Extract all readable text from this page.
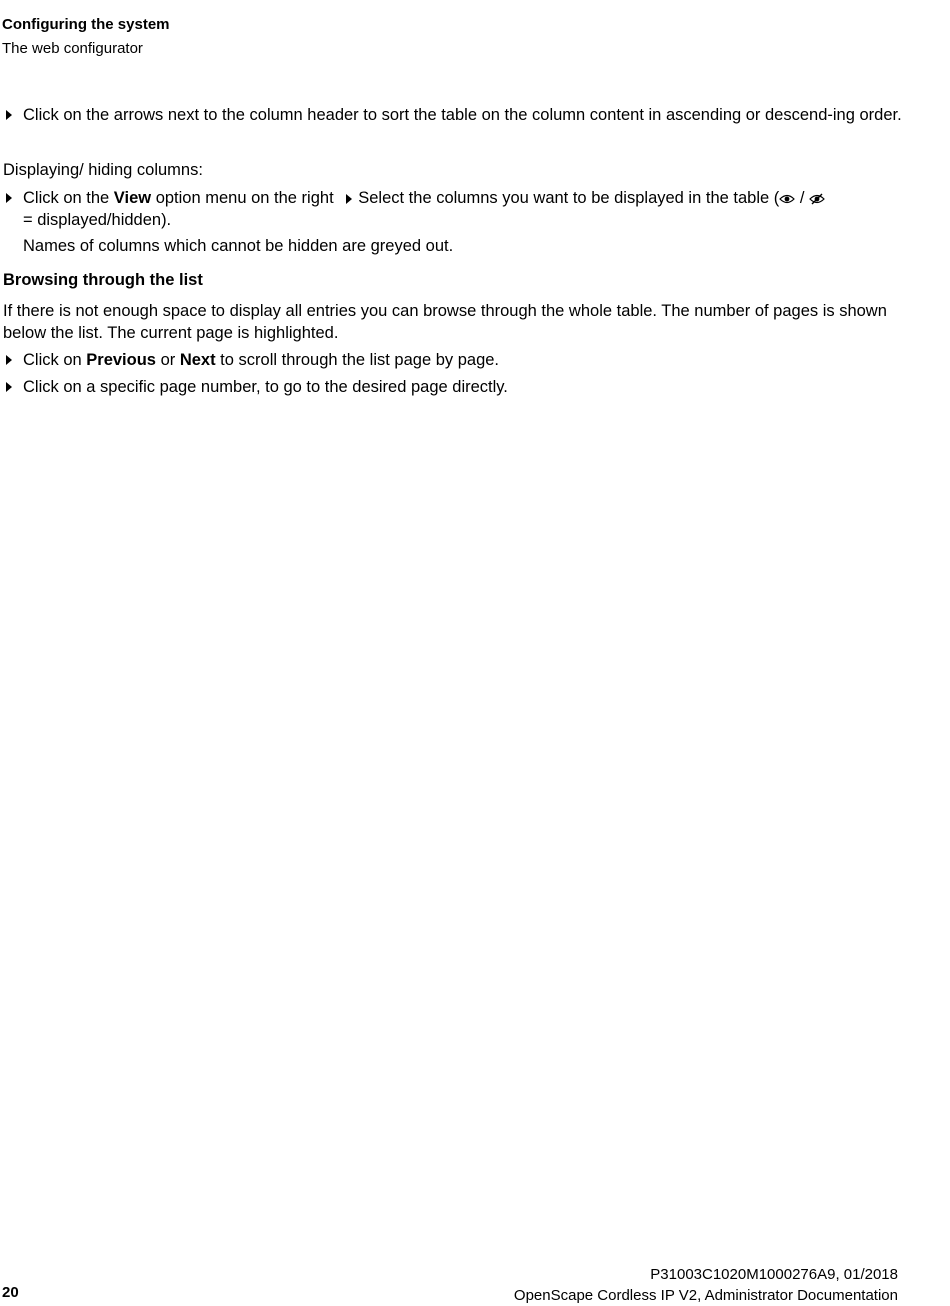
Configuring the system
The web configurator
Click on the arrows next to the column header to sort the table on the column content in ascending or descend-ing order.
Displaying/ hiding columns:
Click on the View option menu on the right Select the columns you want to be displayed in the table ( /
= displayed/hidden).
Names of columns which cannot be hidden are greyed out.
Browsing through the list
If there is not enough space to display all entries you can browse through the whole table. The number of pages is shown below the list. The current page is highlighted.
Click on Previous or Next to scroll through the list page by page.
Click on a specific page number, to go to the desired page directly.
P31003C1020M1000276A9, 01/2018
OpenScape Cordless IP V2, Administrator Documentation
20
